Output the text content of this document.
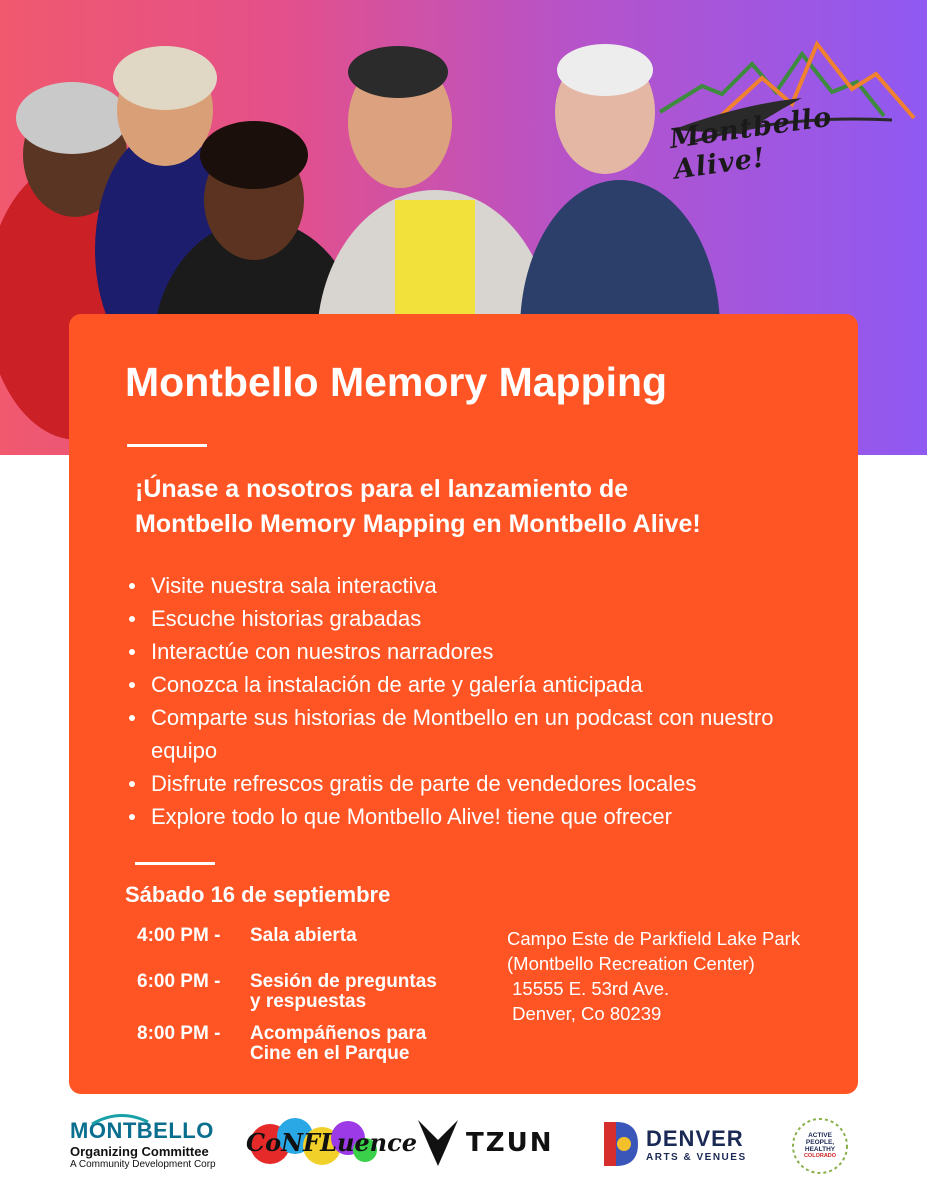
Montbello Alive!
Montbello Memory Mapping

¡Únase a nosotros para el lanzamiento de
Montbello Memory Mapping en Montbello Alive!

Visite nuestra sala interactiva
Escuche historias grabadas
Interactúe con nuestros narradores
Conozca la instalación de arte y galería anticipada
Comparte sus historias de Montbello en un podcast con nuestro equipo
Disfrute refrescos gratis de parte de vendedores locales
Explore todo lo que Montbello Alive! tiene que ofrecer
Sábado 16 de septiembre
4:00 PM - Sala abierta
6:00 PM - Sesión de preguntas
y respuestas
8:00 PM - Acompáñenos para
Cine en el Parque
Campo Este de Parkfield Lake Park
(Montbello Recreation Center)
15555 E. 53rd Ave.
Denver, Co 80239
MONTBELLO
Organizing Committee
A Community Development Corp
CoNFLuence TZUN	DENVER
ARTS & VENUES
ACTIVE
PEOPLE,
HEALTHY
COLORADO
